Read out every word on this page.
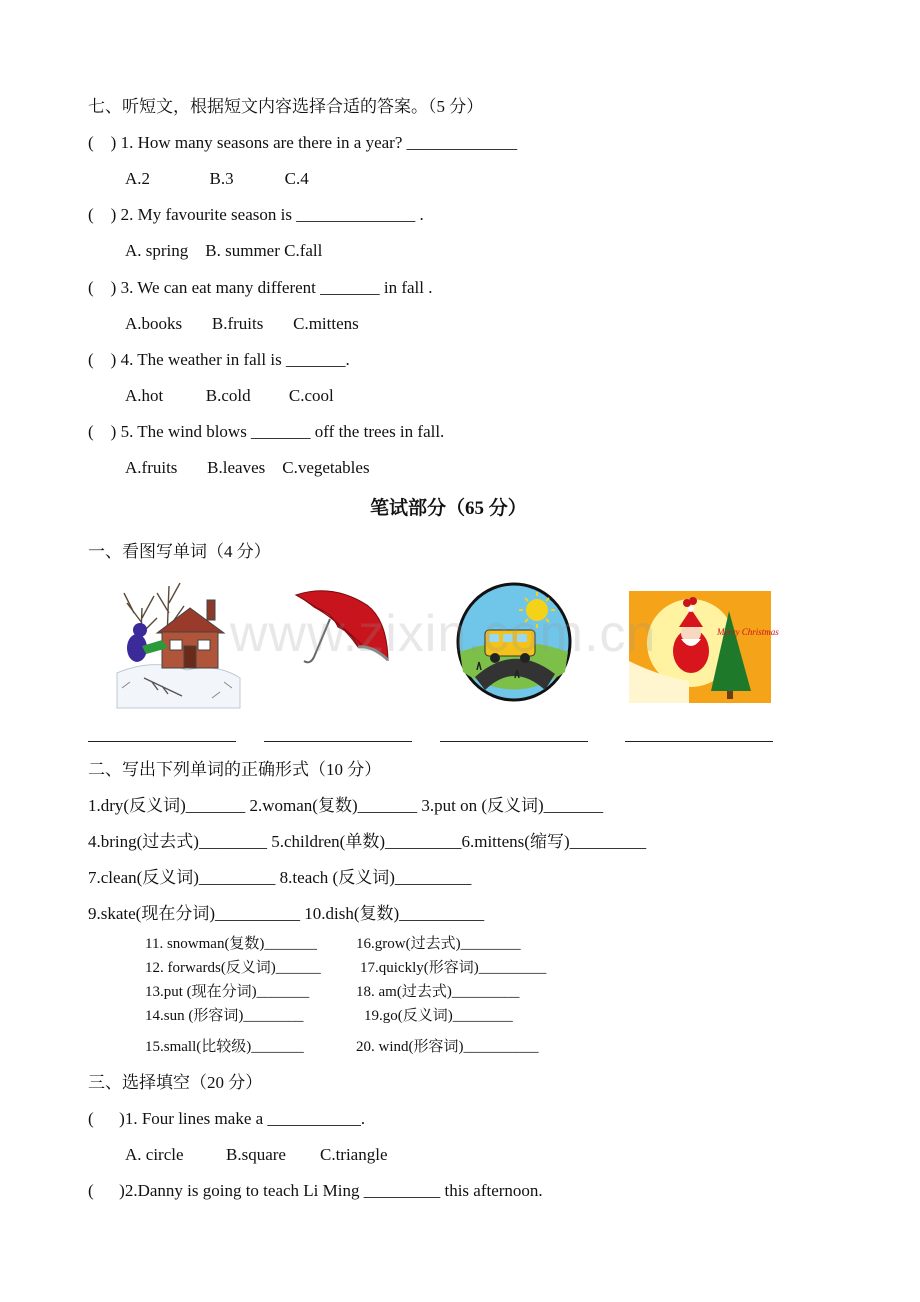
七、听短文，根据短文内容选择合适的答案。（5 分）
(    ) 1. How many seasons are there in a year? _____________
A.2              B.3            C.4
(    ) 2. My favourite season is ______________ .
A. spring    B. summer C.fall
(    ) 3. We can eat many different _______ in fall .
A.books       B.fruits       C.mittens
(    ) 4. The weather in fall is _______.
A.hot          B.cold         C.cool
(    ) 5. The wind blows _______ off the trees in fall.
A.fruits       B.leaves    C.vegetables
笔试部分（65 分）
一、看图写单词（4 分）
Merry Christmas
www.zixin.com.cn
二、写出下列单词的正确形式（10 分）
1.dry(反义词)_______ 2.woman(复数)_______ 3.put on (反义词)_______
4.bring(过去式)________ 5.children(单数)_________6.mittens(缩写)_________
7.clean(反义词)_________ 8.teach (反义词)_________
9.skate(现在分词)__________ 10.dish(复数)__________
11. snowman(复数)_______	16.grow(过去式)________
12. forwards(反义词)______	17.quickly(形容词)_________
13.put (现在分词)_______	18. am(过去式)_________
14.sun (形容词)________	19.go(反义词)________
15.small(比较级)_______	20. wind(形容词)__________
三、选择填空（20 分）
(      )1. Four lines make a ___________.
A. circle          B.square        C.triangle
(      )2.Danny is going to teach Li Ming _________ this afternoon.
